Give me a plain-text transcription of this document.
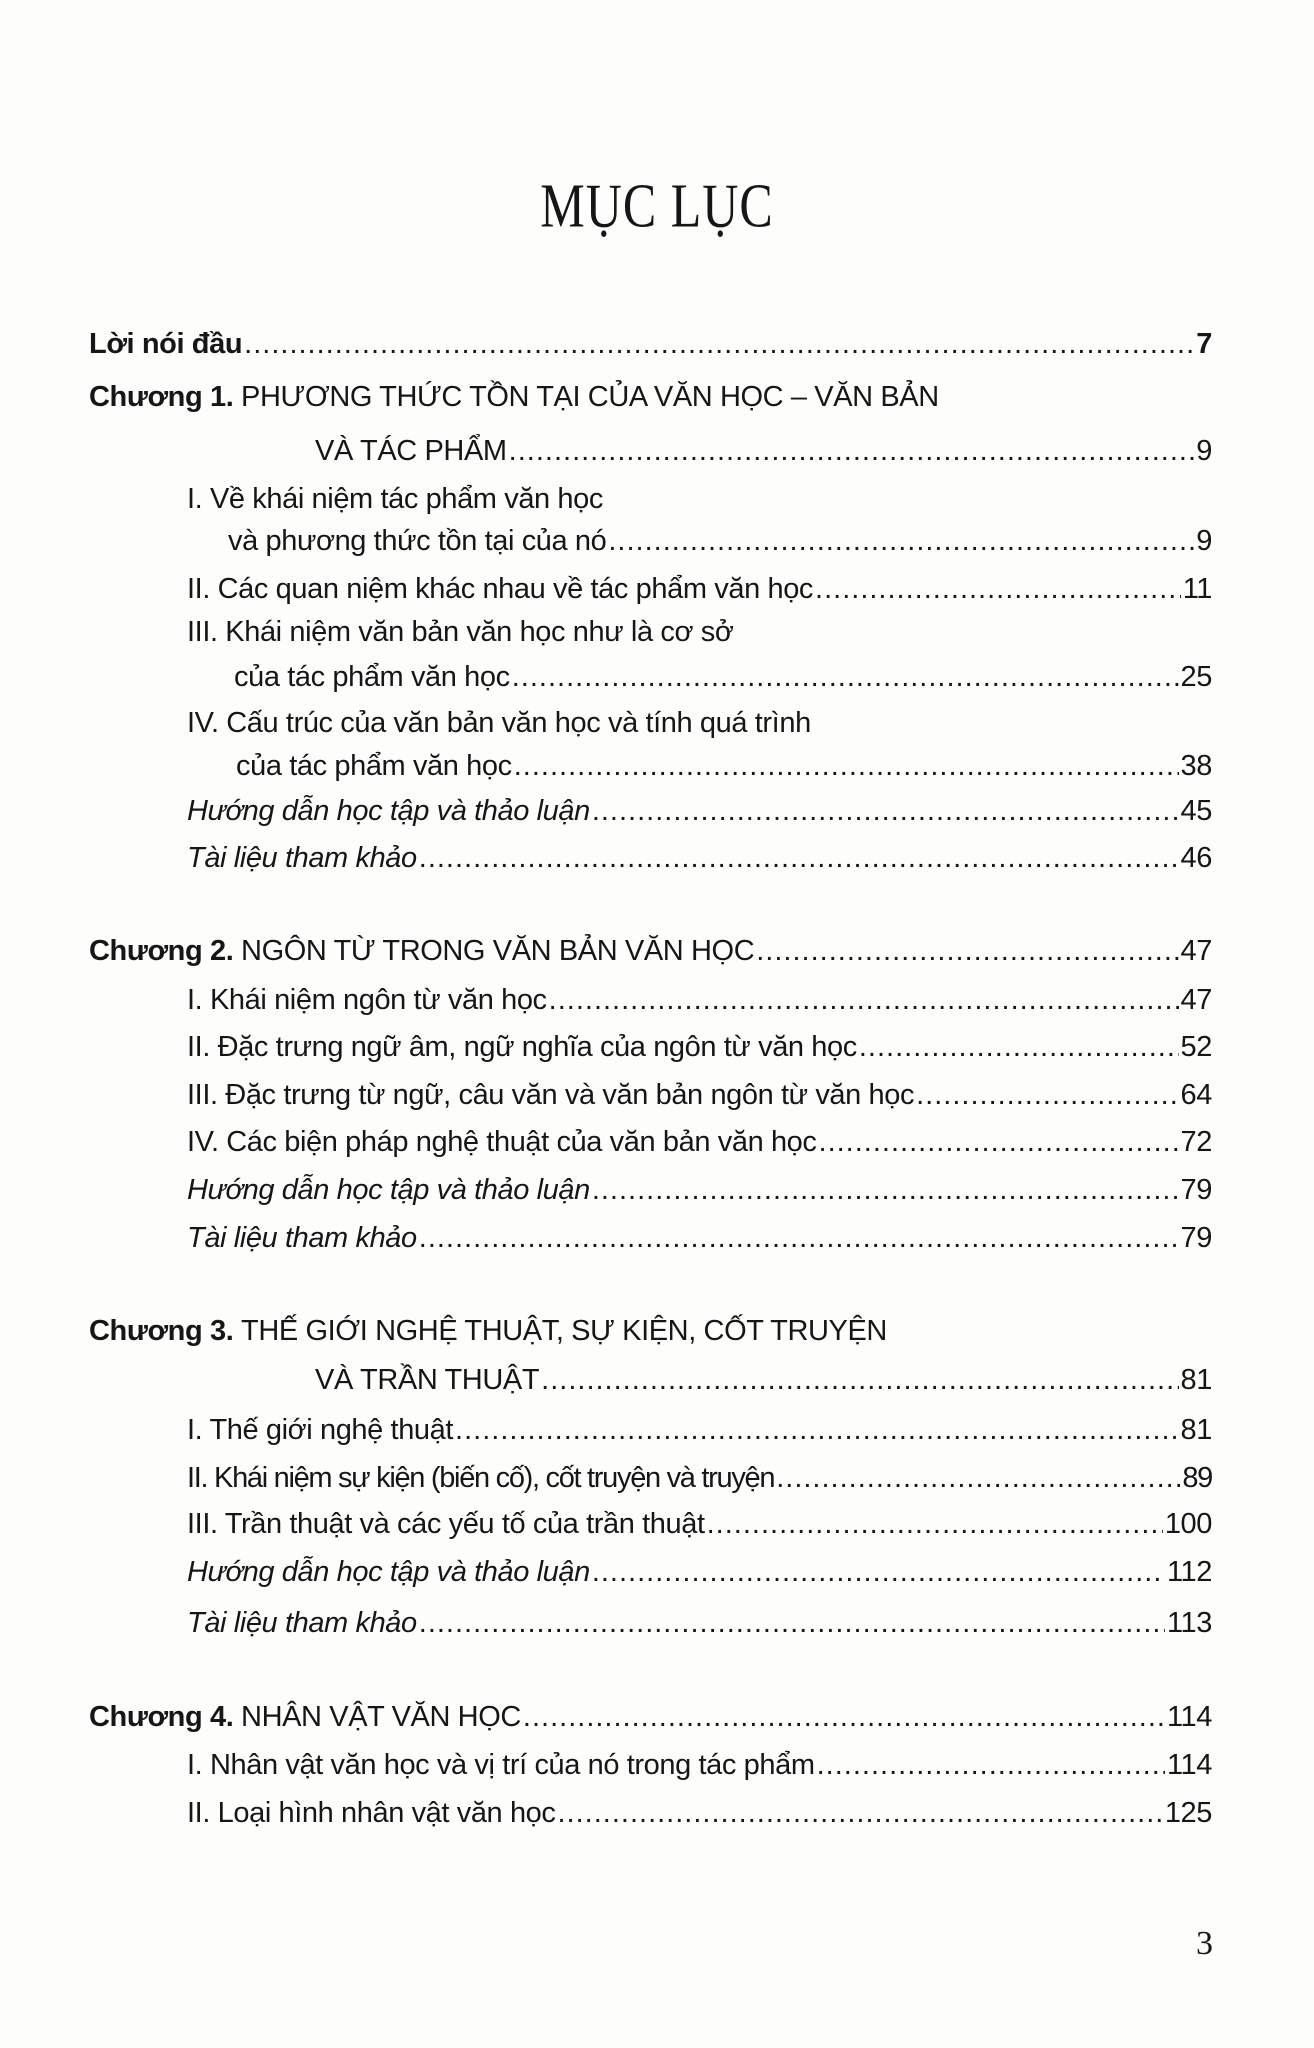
MỤC LỤC
Lời nói đầu .....	7
Chương 1.
PHƯƠNG THỨC TỒN TẠI CỦA VĂN HỌC – VĂN BẢN
VÀ TÁC PHẨM .....	9
I. Về khái niệm tác phẩm văn học
và phương thức tồn tại của nó .....	9
II. Các quan niệm khác nhau về tác phẩm văn học .....	11
III. Khái niệm văn bản văn học như là cơ sở
của tác phẩm văn học .....	25
IV. Cấu trúc của văn bản văn học và tính quá trình
của tác phẩm văn học .....	38
Hướng dẫn học tập và thảo luận .....	45
Tài liệu tham khảo .....	46
Chương 2.
NGÔN TỪ TRONG VĂN BẢN VĂN HỌC .....	47
I. Khái niệm ngôn từ văn học .....	47
II. Đặc trưng ngữ âm, ngữ nghĩa của ngôn từ văn học .....	52
III. Đặc trưng từ ngữ, câu văn và văn bản ngôn từ văn học .....	64
IV. Các biện pháp nghệ thuật của văn bản văn học .....	72
Hướng dẫn học tập và thảo luận .....	79
Tài liệu tham khảo .....	79
Chương 3.
THẾ GIỚI NGHỆ THUẬT, SỰ KIỆN, CỐT TRUYỆN
VÀ TRẦN THUẬT .....	81
I. Thế giới nghệ thuật .....	81
II. Khái niệm sự kiện (biến cố), cốt truyện và truyện .....	89
III. Trần thuật và các yếu tố của trần thuật .....	100
Hướng dẫn học tập và thảo luận .....	112
Tài liệu tham khảo .....	113
Chương 4.
NHÂN VẬT VĂN HỌC .....	114
I. Nhân vật văn học và vị trí của nó trong tác phẩm .....	114
II. Loại hình nhân vật văn học .....	125
3
